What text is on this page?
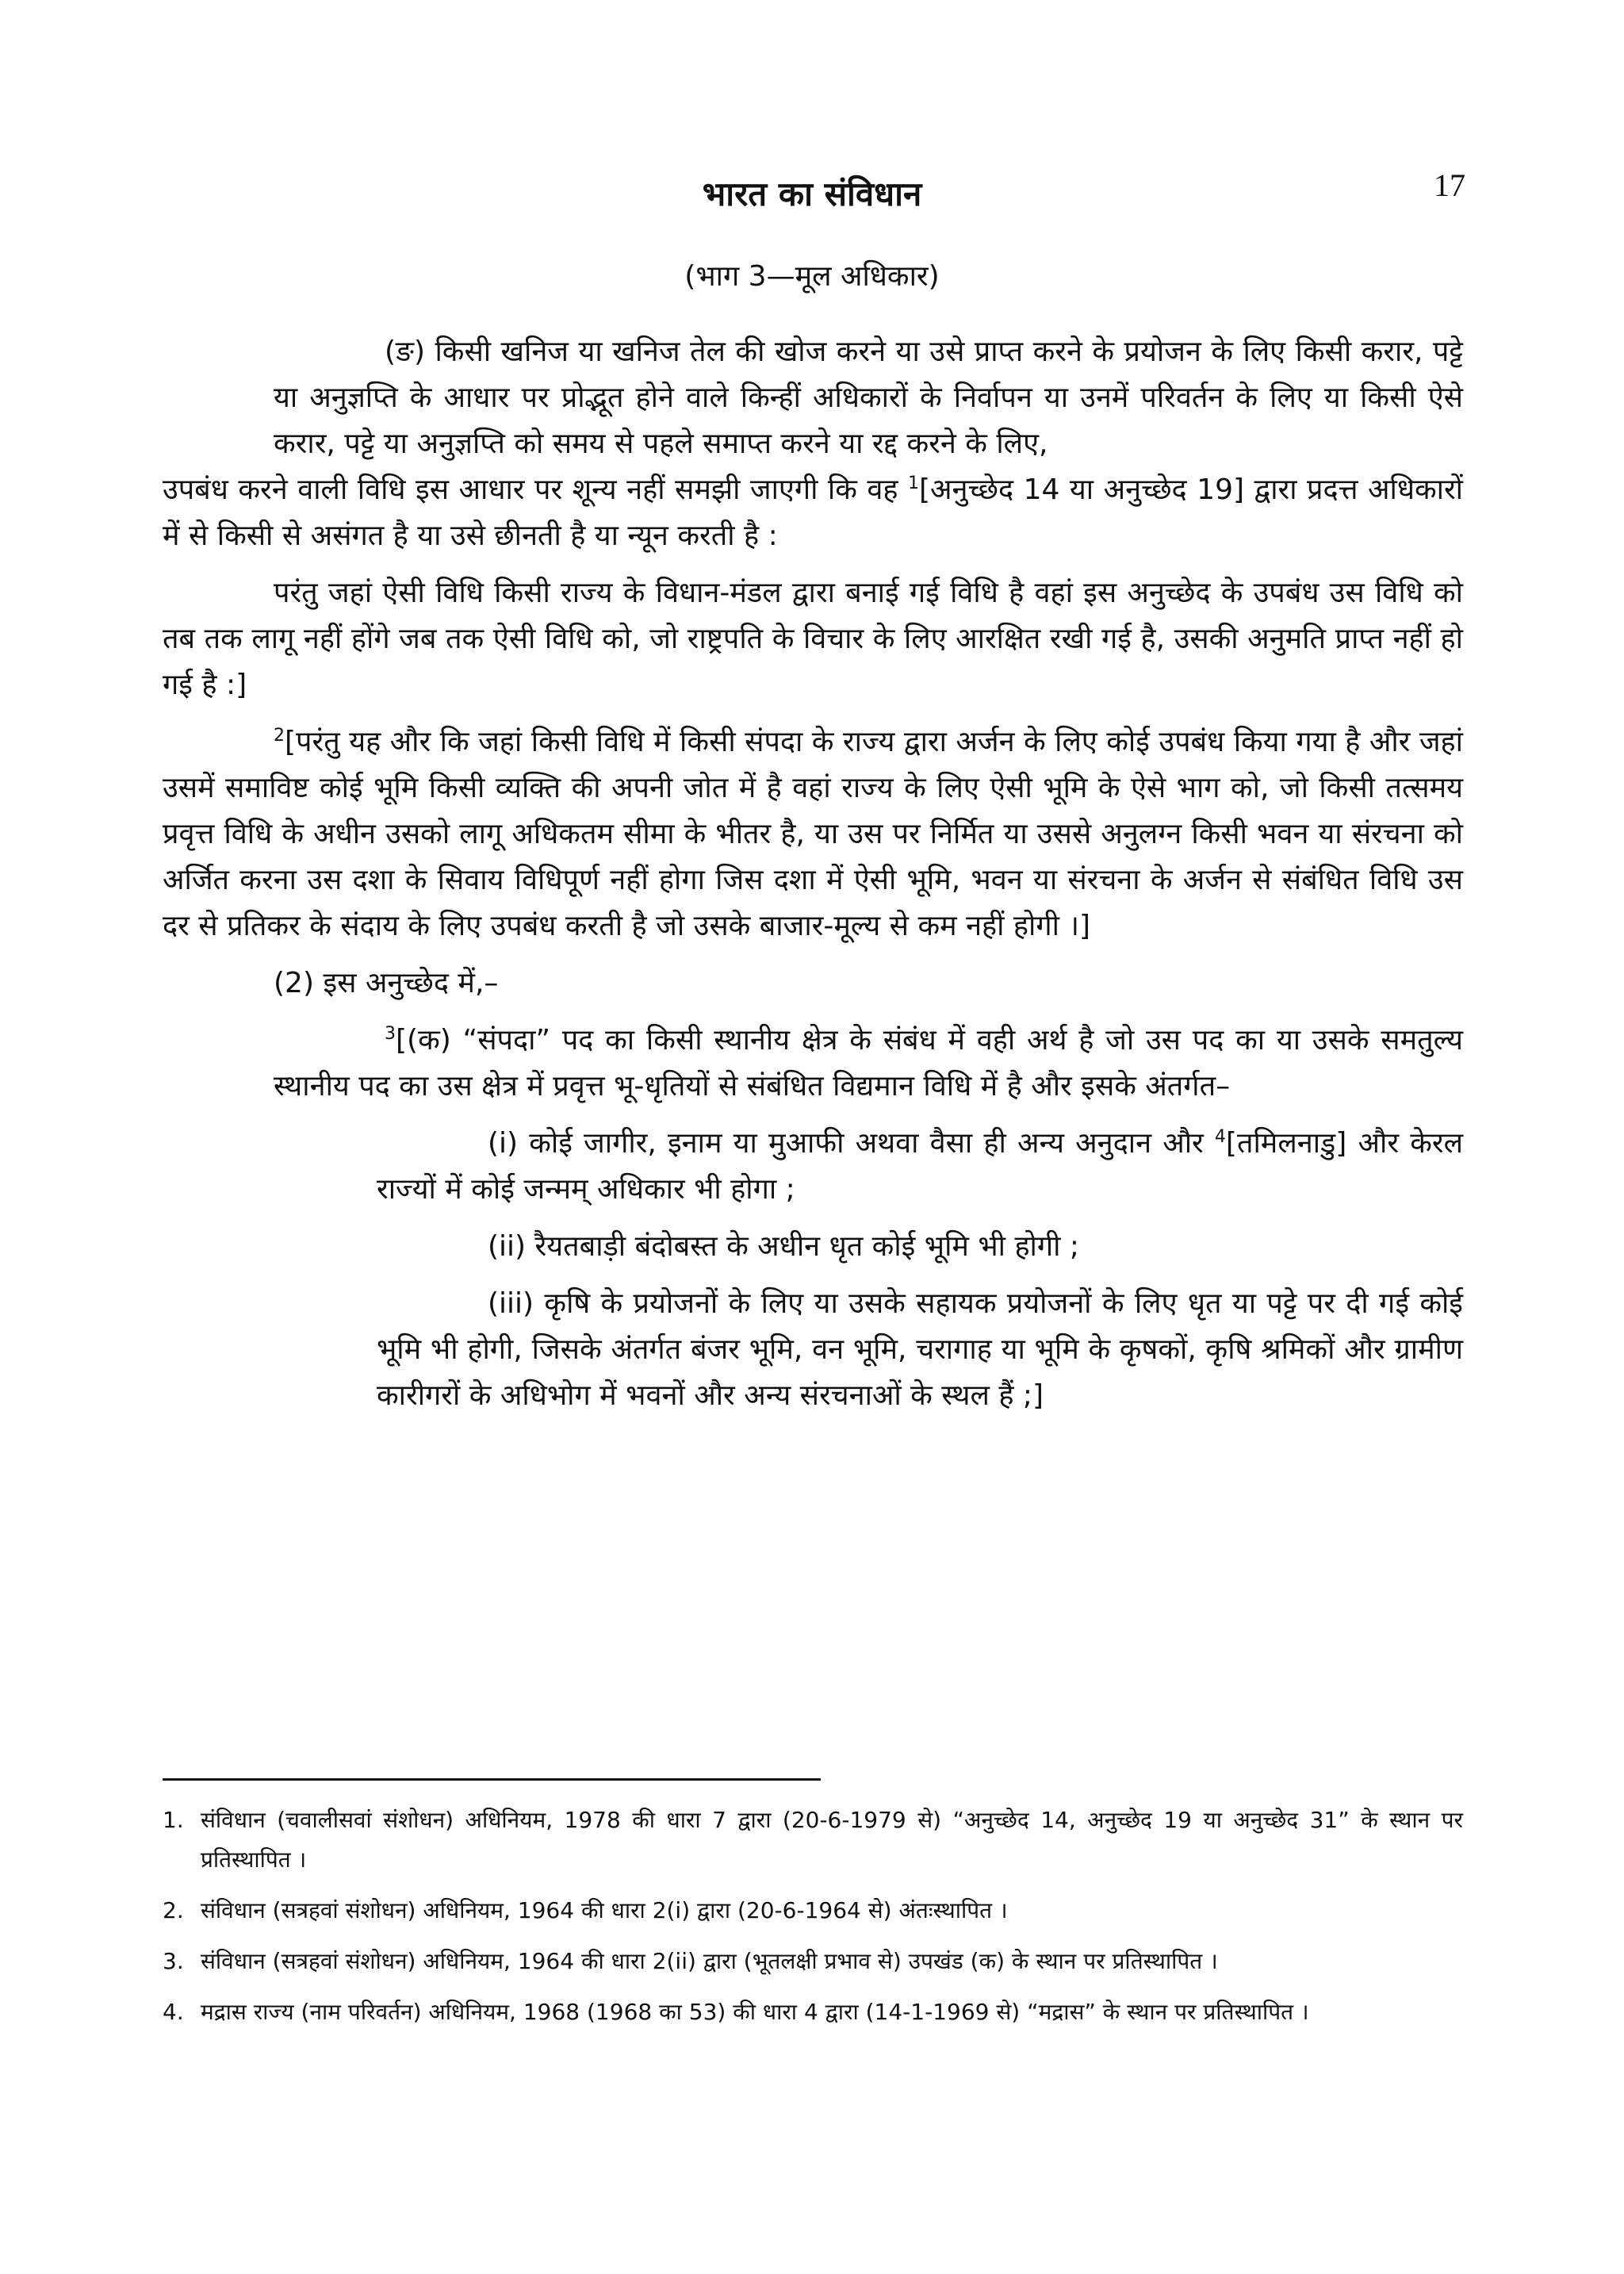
17
भारत का संविधान
(भाग 3—मूल अधिकार)

(ङ) किसी खनिज या खनिज तेल की खोज करने या उसे प्राप्त करने के प्रयोजन के लिए किसी करार, पट्टे या अनुज्ञप्ति के आधार पर प्रोद्भूत होने वाले किन्हीं अधिकारों के निर्वापन या उनमें परिवर्तन के लिए या किसी ऐसे करार, पट्टे या अनुज्ञप्ति को समय से पहले समाप्त करने या रद्द करने के लिए,

उपबंध करने वाली विधि इस आधार पर शून्य नहीं समझी जाएगी कि वह $^1$[अनुच्छेद 14 या अनुच्छेद 19] द्वारा प्रदत्त अधिकारों में से किसी से असंगत है या उसे छीनती है या न्यून करती है :

परंतु जहां ऐसी विधि किसी राज्य के विधान-मंडल द्वारा बनाई गई विधि है वहां इस अनुच्छेद के उपबंध उस विधि को तब तक लागू नहीं होंगे जब तक ऐसी विधि को, जो राष्ट्रपति के विचार के लिए आरक्षित रखी गई है, उसकी अनुमति प्राप्त नहीं हो गई है :]

$^2$[परंतु यह और कि जहां किसी विधि में किसी संपदा के राज्य द्वारा अर्जन के लिए कोई उपबंध किया गया है और जहां उसमें समाविष्ट कोई भूमि किसी व्यक्ति की अपनी जोत में है वहां राज्य के लिए ऐसी भूमि के ऐसे भाग को, जो किसी तत्समय प्रवृत्त विधि के अधीन उसको लागू अधिकतम सीमा के भीतर है, या उस पर निर्मित या उससे अनुलग्न किसी भवन या संरचना को अर्जित करना उस दशा के सिवाय विधिपूर्ण नहीं होगा जिस दशा में ऐसी भूमि, भवन या संरचना के अर्जन से संबंधित विधि उस दर से प्रतिकर के संदाय के लिए उपबंध करती है जो उसके बाजार-मूल्य से कम नहीं होगी ।]

(2) इस अनुच्छेद में,–

$^3$[(क) “संपदा” पद का किसी स्थानीय क्षेत्र के संबंध में वही अर्थ है जो उस पद का या उसके समतुल्य स्थानीय पद का उस क्षेत्र में प्रवृत्त भू-धृतियों से संबंधित विद्यमान विधि में है और इसके अंतर्गत–

(i) कोई जागीर, इनाम या मुआफी अथवा वैसा ही अन्य अनुदान और $^4$[तमिलनाडु] और केरल राज्यों में कोई जन्मम् अधिकार भी होगा ;

(ii) रैयतबाड़ी बंदोबस्त के अधीन धृत कोई भूमि भी होगी ;

(iii) कृषि के प्रयोजनों के लिए या उसके सहायक प्रयोजनों के लिए धृत या पट्टे पर दी गई कोई भूमि भी होगी, जिसके अंतर्गत बंजर भूमि, वन भूमि, चरागाह या भूमि के कृषकों, कृषि श्रमिकों और ग्रामीण कारीगरों के अधिभोग में भवनों और अन्य संरचनाओं के स्थल हैं ;]

1. संविधान (चवालीसवां संशोधन) अधिनियम, 1978 की धारा 7 द्वारा (20-6-1979 से) “अनुच्छेद 14, अनुच्छेद 19 या अनुच्छेद 31” के स्थान पर प्रतिस्थापित ।

2. संविधान (सत्रहवां संशोधन) अधिनियम, 1964 की धारा 2(i) द्वारा (20-6-1964 से) अंतःस्थापित ।

3. संविधान (सत्रहवां संशोधन) अधिनियम, 1964 की धारा 2(ii) द्वारा (भूतलक्षी प्रभाव से) उपखंड (क) के स्थान पर प्रतिस्थापित ।

4. मद्रास राज्य (नाम परिवर्तन) अधिनियम, 1968 (1968 का 53) की धारा 4 द्वारा (14-1-1969 से) “मद्रास” के स्थान पर प्रतिस्थापित ।
